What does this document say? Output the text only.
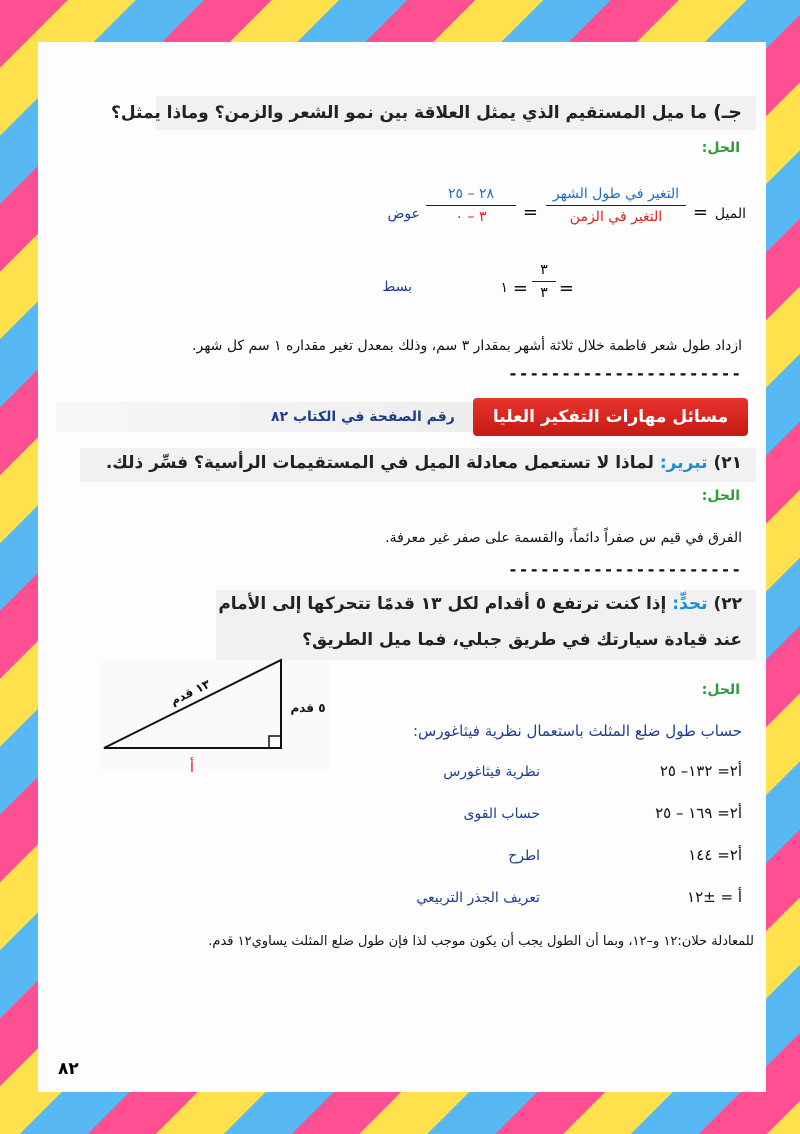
جـ) ما ميل المستقيم الذي يمثل العلاقة بين نمو الشعر والزمن؟ وماذا يمثل؟
الحل:
الميل
=
التغير في طول الشهر
التغير في الزمن
=
٢٨ – ٢٥
٣ – ٠
عوض
=
٣
٣
=
١
بسط
ازداد طول شعر فاطمة خلال ثلاثة أشهر بمقدار ٣ سم، وذلك بمعدل تغير مقداره ١ سم كل شهر.
----------------------
مسائل مهارات التفكير العليا
رقم الصفحة في الكتاب ٨٢
٢١) تبرير: لماذا لا تستعمل معادلة الميل في المستقيمات الرأسية؟ فسِّر ذلك.
الحل:
الفرق في قيم س صفراً دائماً، والقسمة على صفر غير معرفة.
----------------------
٢٢) تحدٍّ: إذا كنت ترتفع ٥ أقدام لكل ١٣ قدمًا تتحركها إلى الأمام
عند قيادة سيارتك في طريق جبلي، فما ميل الطريق؟
١٣ قدم
٥ قدم
أ
الحل:
حساب طول ضلع المثلث باستعمال نظرية فيثاغورس:
أ٢= ١٣٢– ٢٥
نظرية فيثاغورس
أ٢= ١٦٩ – ٢٥
حساب القوى
أ٢= ١٤٤
اطرح
أ = ±١٢
تعريف الجذر التربيعي
للمعادلة حلان:١٢ و–١٢، وبما أن الطول يجب أن يكون موجب لذا فإن طول ضلع المثلث يساوي١٢ قدم.
٨٢
